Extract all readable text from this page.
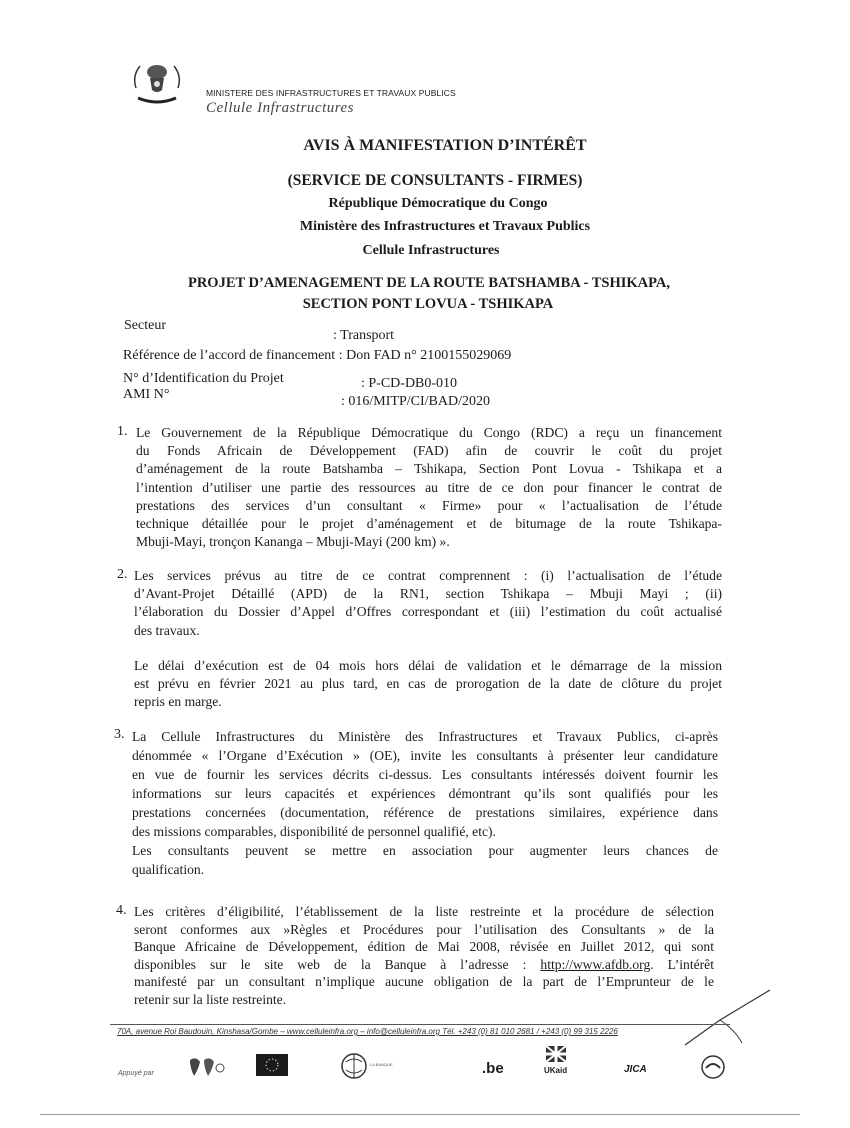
MINISTERE DES INFRASTRUCTURES ET TRAVAUX PUBLICS
Cellule Infrastructures
AVIS À MANIFESTATION D’INTÉRÊT
(SERVICE DE CONSULTANTS - FIRMES)
République Démocratique du Congo
Ministère des Infrastructures et Travaux Publics
Cellule Infrastructures
PROJET D’AMENAGEMENT DE LA ROUTE BATSHAMBA - TSHIKAPA,
SECTION PONT LOVUA - TSHIKAPA
Secteur
: Transport
Référence de l’accord de financement : Don FAD n° 2100155029069
N° d’Identification du Projet	: P-CD-DB0-010
AMI N°	: 016/MITP/CI/BAD/2020
1. Le Gouvernement de la République Démocratique du Congo (RDC) a reçu un financement
du Fonds Africain de Développement (FAD) afin de couvrir le coût du projet
d’aménagement de la route Batshamba – Tshikapa, Section Pont Lovua - Tshikapa et a
l’intention d’utiliser une partie des ressources au titre de ce don pour financer le contrat de
prestations des services d’un consultant « Firme» pour « l’actualisation de l’étude
technique détaillée pour le projet d’aménagement et de bitumage de la route Tshikapa-
Mbuji-Mayi, tronçon Kananga – Mbuji-Mayi (200 km) ».
2. Les services prévus au titre de ce contrat comprennent : (i) l’actualisation de l’étude
d’Avant-Projet Détaillé (APD) de la RN1, section Tshikapa – Mbuji Mayi ; (ii)
l’élaboration du Dossier d’Appel d’Offres correspondant et (iii) l’estimation du coût actualisé
des travaux.
Le délai d’exécution est de 04 mois hors délai de validation et le démarrage de la mission
est prévu en février 2021 au plus tard, en cas de prorogation de la date de clôture du projet
repris en marge.
3. La Cellule Infrastructures du Ministère des Infrastructures et Travaux Publics, ci-après
dénommée « l’Organe d’Exécution » (OE), invite les consultants à présenter leur candidature
en vue de fournir les services décrits ci-dessus. Les consultants intéressés doivent fournir les
informations sur leurs capacités et expériences démontrant qu’ils sont qualifiés pour les
prestations concernées (documentation, référence de prestations similaires, expérience dans
des missions comparables, disponibilité de personnel qualifié, etc).
Les consultants peuvent se mettre en association pour augmenter leurs chances de
qualification.
4. Les critères d’éligibilité, l’établissement de la liste restreinte et la procédure de sélection
seront conformes aux »Règles et Procédures pour l’utilisation des Consultants » de la
Banque Africaine de Développement, édition de Mai 2008, révisée en Juillet 2012, qui sont
disponibles sur le site web de la Banque à l’adresse : http://www.afdb.org. L’intérêt
manifesté par un consultant n’implique aucune obligation de la part de l’Emprunteur de le
retenir sur la liste restreinte.
70A, avenue Roi Baudouin, Kinshasa/Gombe – www.celluleinfra.org – info@celluleinfra.org Tél. +243 (0) 81 010 2681 / +243 (0) 99 315 2226
Appuyé par
LA BANQUE	.be	UKaid	JICA
